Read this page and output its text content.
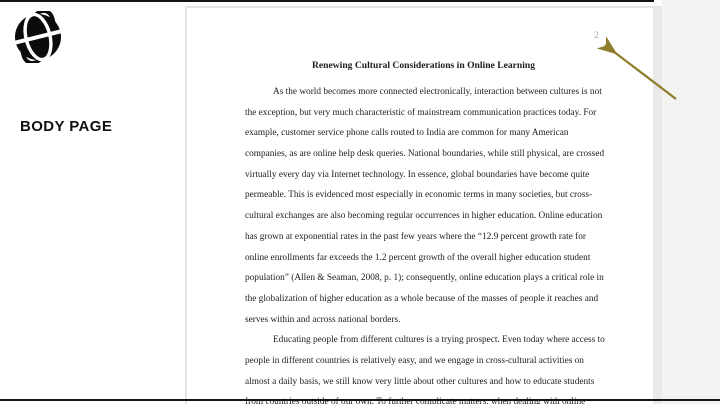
BODY PAGE
2
Renewing Cultural Considerations in Online Learning
As the world becomes more connected electronically, interaction between cultures is not
the exception, but very much characteristic of mainstream communication practices today. For
example, customer service phone calls routed to India are common for many American
companies, as are online help desk queries. National boundaries, while still physical, are crossed
virtually every day via Internet technology. In essence, global boundaries have become quite
permeable. This is evidenced most especially in economic terms in many societies, but cross-
cultural exchanges are also becoming regular occurrences in higher education. Online education
has grown at exponential rates in the past few years where the “12.9 percent growth rate for
online enrollments far exceeds the 1.2 percent growth of the overall higher education student
population” (Allen & Seaman, 2008, p. 1); consequently, online education plays a critical role in
the globalization of higher education as a whole because of the masses of people it reaches and
serves within and across national borders.
Educating people from different cultures is a trying prospect. Even today where access to
people in different countries is relatively easy, and we engage in cross-cultural activities on
almost a daily basis, we still know very little about other cultures and how to educate students
